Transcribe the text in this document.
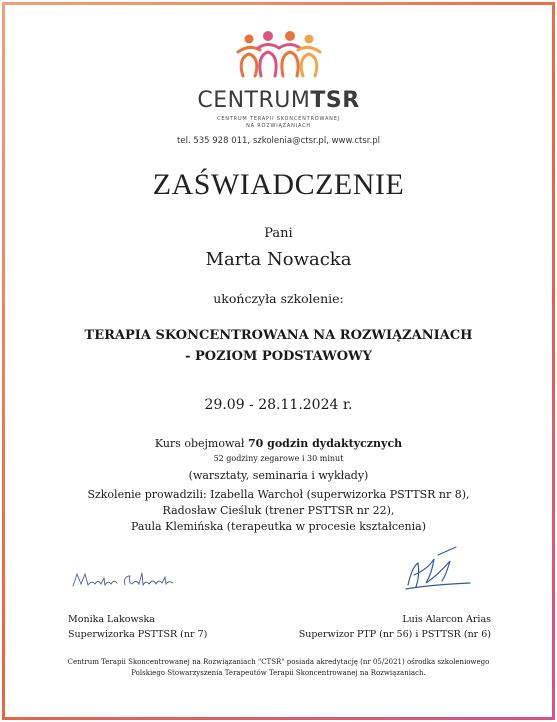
CENTRUMTSR
CENTRUM TERAPII SKONCENTROWANEJ
NA ROZWIĄZANIACH
tel. 535 928 011, szkolenia@ctsr.pl, www.ctsr.pl
ZAŚWIADCZENIE
Pani
Marta Nowacka
ukończyła szkolenie:
TERAPIA SKONCENTROWANA NA ROZWIĄZANIACH
- POZIOM PODSTAWOWY
29.09 - 28.11.2024 r.
Kurs obejmował 70 godzin dydaktycznych
52 godziny zegarowe i 30 minut
(warsztaty, seminaria i wykłady)
Szkolenie prowadzili: Izabella Warchoł (superwizorka PSTTSR nr 8),
Radosław Cieśluk (trener PSTTSR nr 22),
Paula Klemińska (terapeutka w procesie kształcenia)
Monika Lakowska
Superwizorka PSTTSR (nr 7)
Luis Alarcon Arias
Superwizor PTP (nr 56) i PSTTSR (nr 6)
Centrum Terapii Skoncentrowanej na Rozwiązaniach "CTSR" posiada akredytację (nr 05/2021) ośrodka szkoleniowego
Polskiego Stowarzyszenia Terapeutów Terapii Skoncentrowanej na Rozwiązaniach.
